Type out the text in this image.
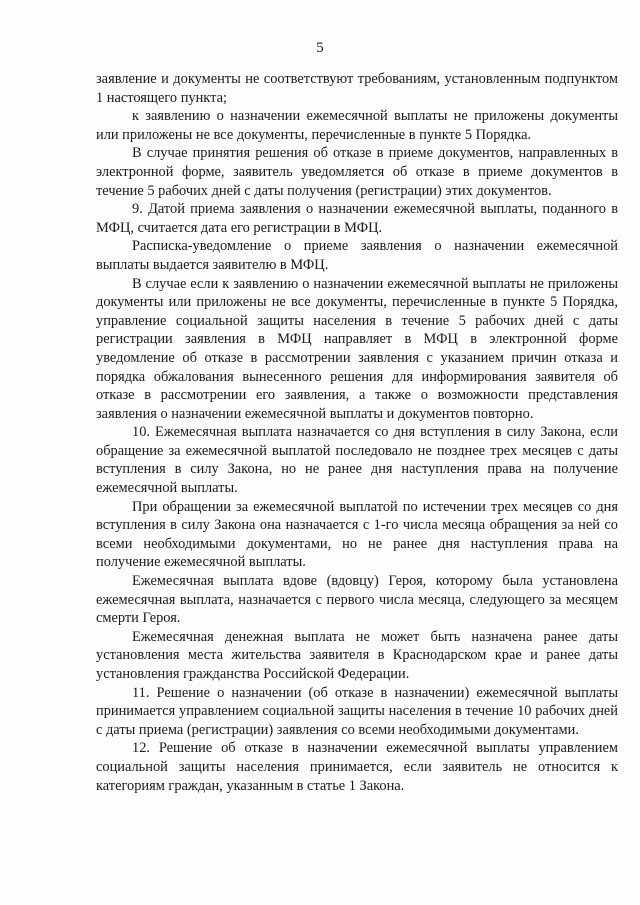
5

заявление и документы не соответствуют требованиям, установленным подпунктом 1 настоящего пункта;

к заявлению о назначении ежемесячной выплаты не приложены документы или приложены не все документы, перечисленные в пункте 5 Порядка.

В случае принятия решения об отказе в приеме документов, направленных в электронной форме, заявитель уведомляется об отказе в приеме документов в течение 5 рабочих дней с даты получения (регистрации) этих документов.

9. Датой приема заявления о назначении ежемесячной выплаты, поданного в МФЦ, считается дата его регистрации в МФЦ.

Расписка-уведомление о приеме заявления о назначении ежемесячной выплаты выдается заявителю в МФЦ.

В случае если к заявлению о назначении ежемесячной выплаты не приложены документы или приложены не все документы, перечисленные в пункте 5 Порядка, управление социальной защиты населения в течение 5 рабочих дней с даты регистрации заявления в МФЦ направляет в МФЦ в электронной форме уведомление об отказе в рассмотрении заявления с указанием причин отказа и порядка обжалования вынесенного решения для информирования заявителя об отказе в рассмотрении его заявления, а также о возможности представления заявления о назначении ежемесячной выплаты и документов повторно.

10. Ежемесячная выплата назначается со дня вступления в силу Закона, если обращение за ежемесячной выплатой последовало не позднее трех месяцев с даты вступления в силу Закона, но не ранее дня наступления права на получение ежемесячной выплаты.

При обращении за ежемесячной выплатой по истечении трех месяцев со дня вступления в силу Закона она назначается с 1-го числа месяца обращения за ней со всеми необходимыми документами, но не ранее дня наступления права на получение ежемесячной выплаты.

Ежемесячная выплата вдове (вдовцу) Героя, которому была установлена ежемесячная выплата, назначается с первого числа месяца, следующего за месяцем смерти Героя.

Ежемесячная денежная выплата не может быть назначена ранее даты установления места жительства заявителя в Краснодарском крае и ранее даты установления гражданства Российской Федерации.

11. Решение о назначении (об отказе в назначении) ежемесячной выплаты принимается управлением социальной защиты населения в течение 10 рабочих дней с даты приема (регистрации) заявления со всеми необходимыми документами.

12. Решение об отказе в назначении ежемесячной выплаты управлением социальной защиты населения принимается, если заявитель не относится к категориям граждан, указанным в статье 1 Закона.
